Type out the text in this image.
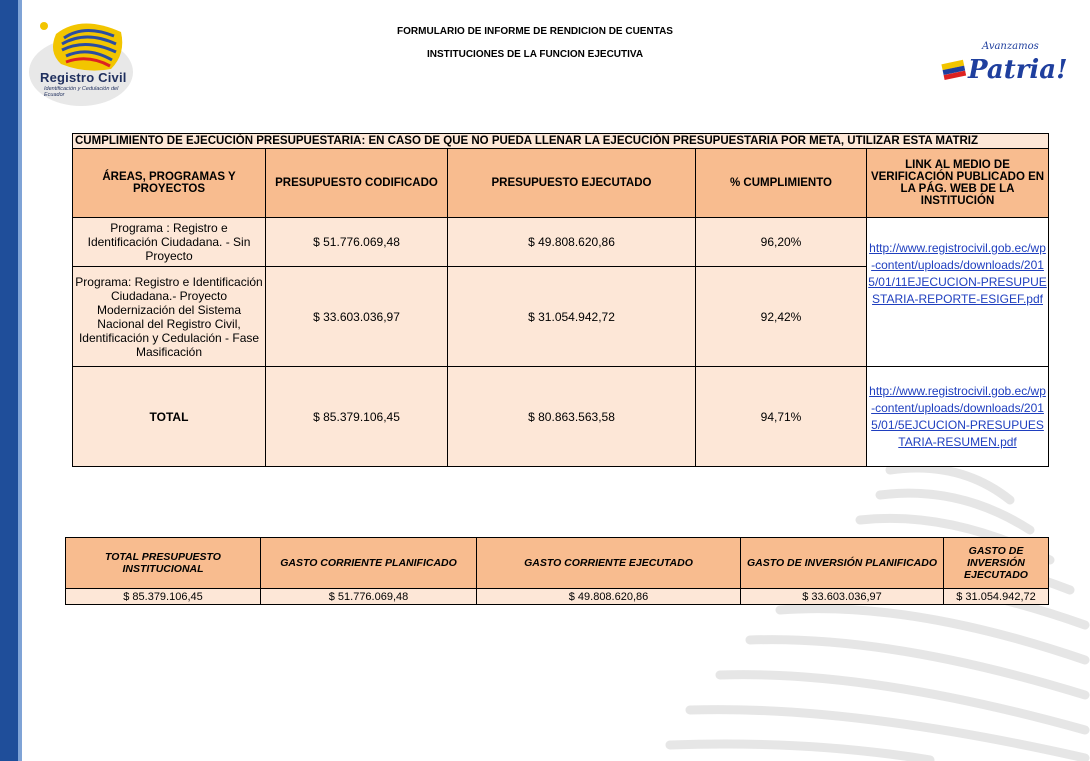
Registro Civil
Identificación y Cedulación del Ecuador
FORMULARIO DE INFORME DE RENDICION DE CUENTAS
INSTITUCIONES DE LA FUNCION EJECUTIVA
Avanzamos
Patria!
CUMPLIMIENTO DE EJECUCIÓN PRESUPUESTARIA: EN CASO DE QUE NO PUEDA LLENAR LA EJECUCIÓN PRESUPUESTARIA POR META, UTILIZAR ESTA MATRIZ				
ÁREAS, PROGRAMAS Y PROYECTOS	PRESUPUESTO CODIFICADO	PRESUPUESTO EJECUTADO	% CUMPLIMIENTO	LINK AL MEDIO DE VERIFICACIÓN PUBLICADO EN LA PÁG. WEB DE LA INSTITUCIÓN
Programa : Registro e Identificación Ciudadana. - Sin Proyecto	$ 51.776.069,48	$ 49.808.620,86	96,20%	http://www.registrocivil.gob.ec/wp-content/uploads/downloads/2015/01/11EJECUCION-PRESUPUESTARIA-REPORTE-ESIGEF.pdf
Programa: Registro e Identificación Ciudadana.- Proyecto Modernización del Sistema Nacional del Registro Civil, Identificación y Cedulación - Fase Masificación	$ 33.603.036,97	$ 31.054.942,72	92,42%	
TOTAL	$ 85.379.106,45	$ 80.863.563,58	94,71%	http://www.registrocivil.gob.ec/wp-content/uploads/downloads/2015/01/5EJCUCION-PRESUPUESTARIA-RESUMEN.pdf
TOTAL PRESUPUESTO INSTITUCIONAL	GASTO CORRIENTE PLANIFICADO	GASTO CORRIENTE EJECUTADO	GASTO DE INVERSIÓN PLANIFICADO	GASTO DE INVERSIÓN EJECUTADO
$ 85.379.106,45	$ 51.776.069,48	$ 49.808.620,86	$ 33.603.036,97	$ 31.054.942,72
